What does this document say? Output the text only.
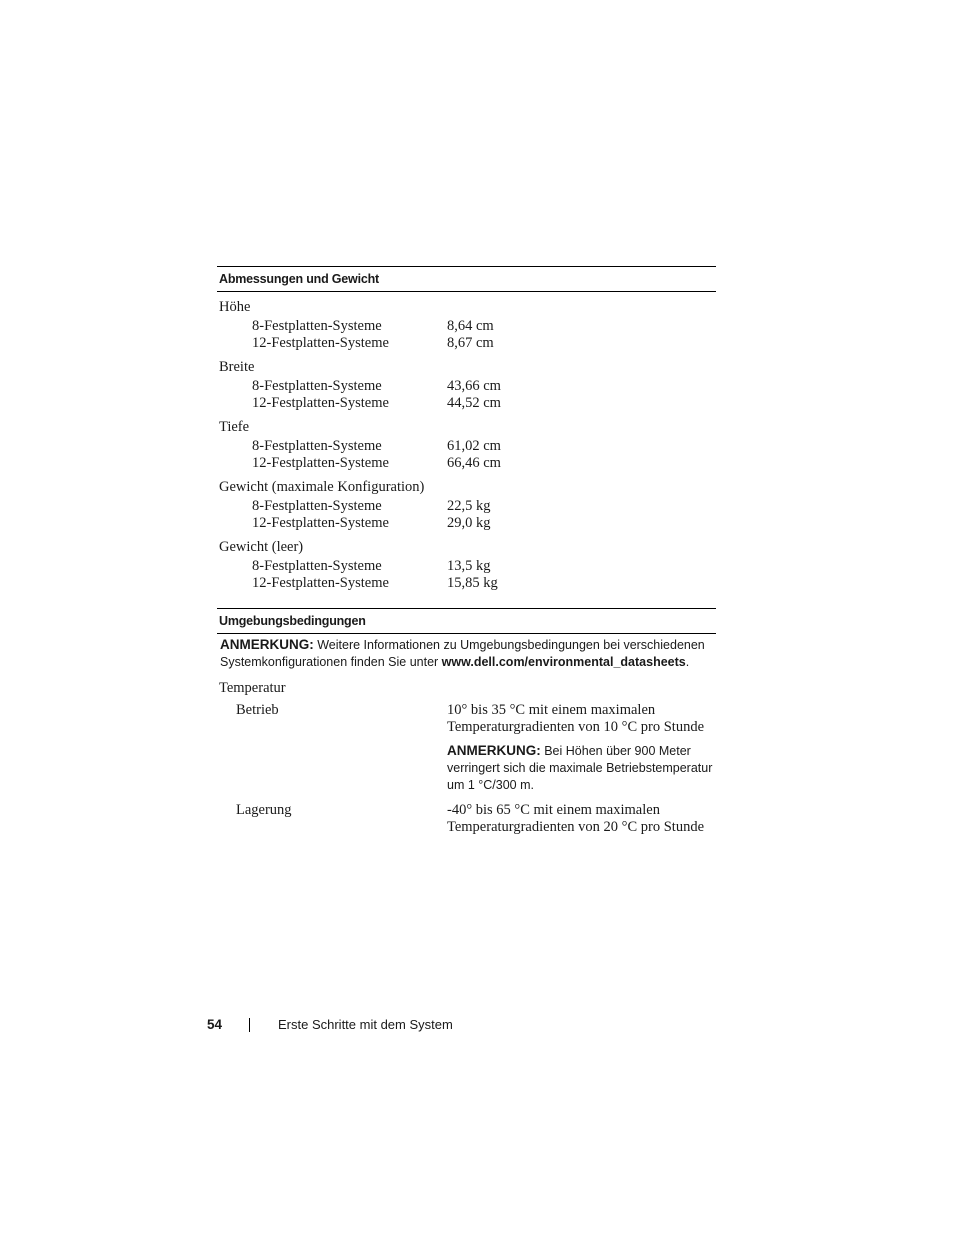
Abmessungen und Gewicht
Höhe
8-Festplatten-Systeme	8,64 cm
12-Festplatten-Systeme	8,67 cm
Breite
8-Festplatten-Systeme	43,66 cm
12-Festplatten-Systeme	44,52 cm
Tiefe
8-Festplatten-Systeme	61,02 cm
12-Festplatten-Systeme	66,46 cm
Gewicht (maximale Konfiguration)
8-Festplatten-Systeme	22,5 kg
12-Festplatten-Systeme	29,0 kg
Gewicht (leer)
8-Festplatten-Systeme	13,5 kg
12-Festplatten-Systeme	15,85 kg
Umgebungsbedingungen
ANMERKUNG: Weitere Informationen zu Umgebungsbedingungen bei verschiedenen Systemkonfigurationen finden Sie unter www.dell.com/environmental_datasheets.
Temperatur
Betrieb	10° bis 35 °C mit einem maximalen Temperaturgradienten von 10 °C pro Stunde
ANMERKUNG: Bei Höhen über 900 Meter verringert sich die maximale Betriebstemperatur um 1 °C/300 m.
Lagerung	-40° bis 65 °C mit einem maximalen Temperaturgradienten von 20 °C pro Stunde
54	Erste Schritte mit dem System
